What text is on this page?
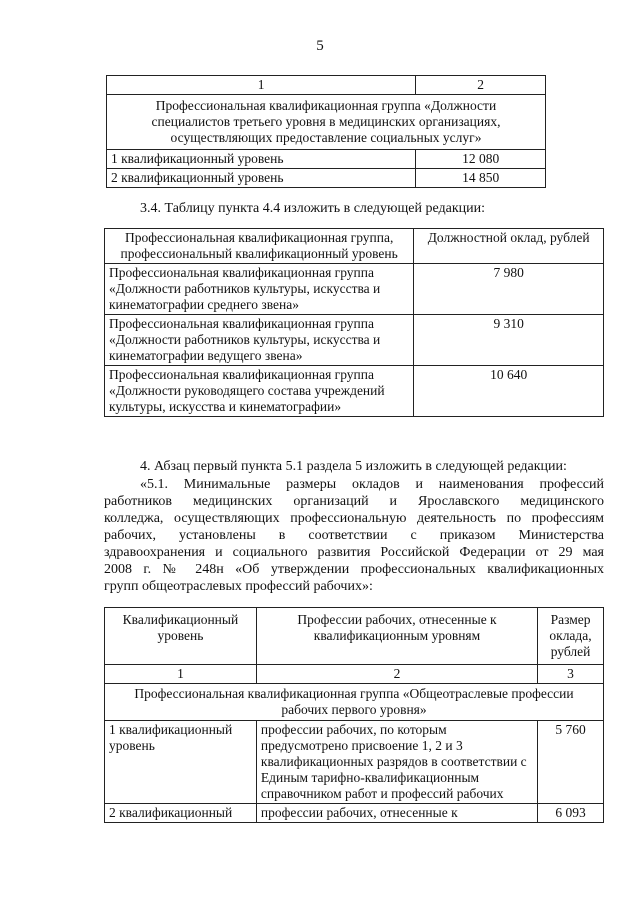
5
1	2
Профессиональная квалификационная группа «Должности специалистов третьего уровня в медицинских организациях, осуществляющих предоставление социальных услуг»	
1 квалификационный уровень	12 080
2 квалификационный уровень	14 850
3.4. Таблицу пункта 4.4 изложить в следующей редакции:
Профессиональная квалификационная группа, профессиональный квалификационный уровень	Должностной оклад, рублей
Профессиональная квалификационная группа «Должности работников культуры, искусства и кинематографии среднего звена»	7 980
Профессиональная квалификационная группа «Должности работников культуры, искусства и кинематографии ведущего звена»	9 310
Профессиональная квалификационная группа «Должности руководящего состава учреждений культуры, искусства и кинематографии»	10 640
4. Абзац первый пункта 5.1 раздела 5 изложить в следующей редакции:
«5.1. Минимальные размеры окладов и наименования профессий
работников медицинских организаций и Ярославского медицинского
колледжа, осуществляющих профессиональную деятельность по профессиям
рабочих, установлены в соответствии с приказом Министерства
здравоохранения и социального развития Российской Федерации от 29 мая
2008 г. № 248н «Об утверждении профессиональных квалификационных
групп общеотраслевых профессий рабочих»:
Квалификационный уровень	Профессии рабочих, отнесенные к квалификационным уровням	Размер оклада, рублей
1	2	3
Профессиональная квалификационная группа «Общеотраслевые профессии рабочих первого уровня»		
1 квалификационный уровень	профессии рабочих, по которым предусмотрено присвоение 1, 2 и 3 квалификационных разрядов в соответствии с Единым тарифно-квалификационным справочником работ и профессий рабочих	5 760

2 квалификационный	профессии рабочих, отнесенные к	6 093
